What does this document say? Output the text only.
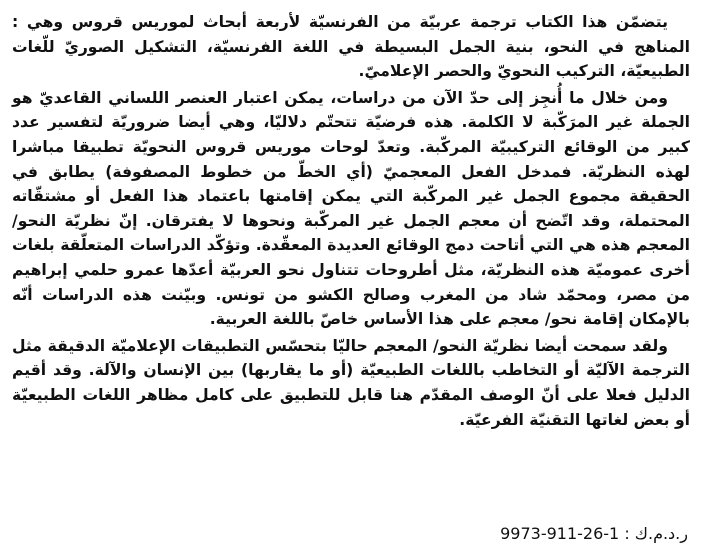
يتضمّن هذا الكتاب ترجمة عربيّة من الفرنسيّة لأربعة أبحاث لموريس قروس وهي : المناهج في النحو، بنية الجمل البسيطة في اللغة الفرنسيّة، التشكيل الصوريّ للّغات الطبيعيّة، التركيب النحويّ والحصر الإعلاميّ.

ومن خلال ما أُنجِز إلى حدّ الآن من دراسات، يمكن اعتبار العنصر اللساني القاعديّ هو الجملة غير المرَكّبة لا الكلمة. هذه فرضيّة تتحتّم دلاليّا، وهي أيضا ضروريّة لتفسير عدد كبير من الوقائع التركيبيّة المركّبة. وتعدّ لوحات موريس قروس النحويّة تطبيقا مباشرا لهذه النظريّة. فمدخل الفعل المعجميّ (أي الخطّ من خطوط المصفوفة) يطابق في الحقيقة مجموع الجمل غير المركّبة التي يمكن إقامتها باعتماد هذا الفعل أو مشتقّاته المحتملة، وقد اتّضح أن معجم الجمل غير المركّبة ونحوها لا يفترقان. إنّ نظريّة النحو/ المعجم هذه هي التي أتاحت دمج الوقائع العديدة المعقّدة. وتؤكّد الدراسات المتعلّقة بلغات أخرى عموميّة هذه النظريّة، مثل أطروحات تتناول نحو العربيّة أعدّها عمرو حلمي إبراهيم من مصر، ومحمّد شاد من المغرب وصالح الكشو من تونس. وبيّنت هذه الدراسات أنّه بالإمكان إقامة نحو/ معجم على هذا الأساس خاصّ باللغة العربية.

ولقد سمحت أيضا نظريّة النحو/ المعجم حاليّا بتحسّس التطبيقات الإعلاميّة الدقيقة مثل الترجمة الآليّة أو التخاطب باللغات الطبيعيّة (أو ما يقاربها) بين الإنسان والآلة. وقد أقيم الدليل فعلا على أنّ الوصف المقدّم هنا قابل للتطبيق على كامل مظاهر اللغات الطبيعيّة أو بعض لغاتها التقنيّة الفرعيّة.

ر.د.م.ك : 9973-911-26-1
